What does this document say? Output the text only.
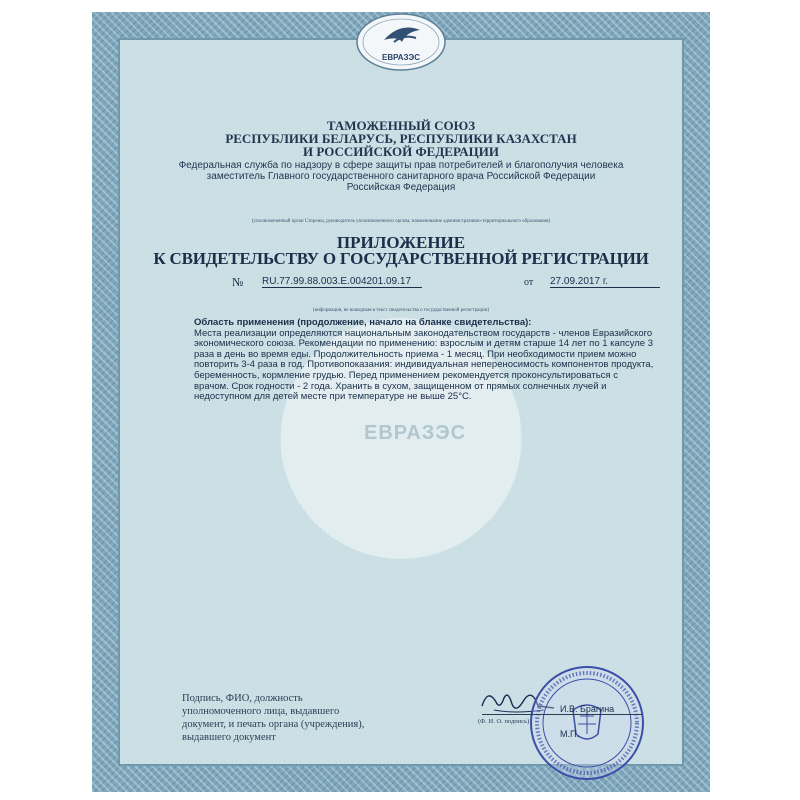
ЕВРАЗЭС
ТАМОЖЕННЫЙ СОЮЗ
РЕСПУБЛИКИ БЕЛАРУСЬ, РЕСПУБЛИКИ КАЗАХСТАН
И РОССИЙСКОЙ ФЕДЕРАЦИИ
Федеральная служба по надзору в сфере защиты прав потребителей и благополучия человека
заместитель Главного государственного санитарного врача Российской Федерации
Российская Федерация
(уполномоченный орган Стороны, руководитель уполномоченного органа, наименование административно-территориального образования)
ПРИЛОЖЕНИЕ
К СВИДЕТЕЛЬСТВУ О ГОСУДАРСТВЕННОЙ РЕГИСТРАЦИИ
№ RU.77.99.88.003.E.004201.09.17	от 27.09.2017 г.
(информация, не вошедшая в текст свидетельства о государственной регистрации)
Область применения (продолжение, начало на бланке свидетельства):
Места реализации определяются национальным законодательством государств - членов Евразийского экономического союза. Рекомендации по применению: взрослым и детям старше 14 лет по 1 капсуле 3 раза в день во время еды. Продолжительность приема - 1 месяц. При необходимости прием можно повторить 3-4 раза в год. Противопоказания: индивидуальная непереносимость компонентов продукта, беременность, кормление грудью. Перед применением рекомендуется проконсультироваться с врачом. Срок годности - 2 года. Хранить в сухом, защищенном от прямых солнечных лучей и недоступном для детей месте при температуре не выше 25°С.
ЕВРАЗЭС
Подпись, ФИО, должность уполномоченного лица, выдавшего документ, и печать органа (учреждения), выдавшего документ
И.В. Брагина
(Ф. И. О. подпись)
М.П.
